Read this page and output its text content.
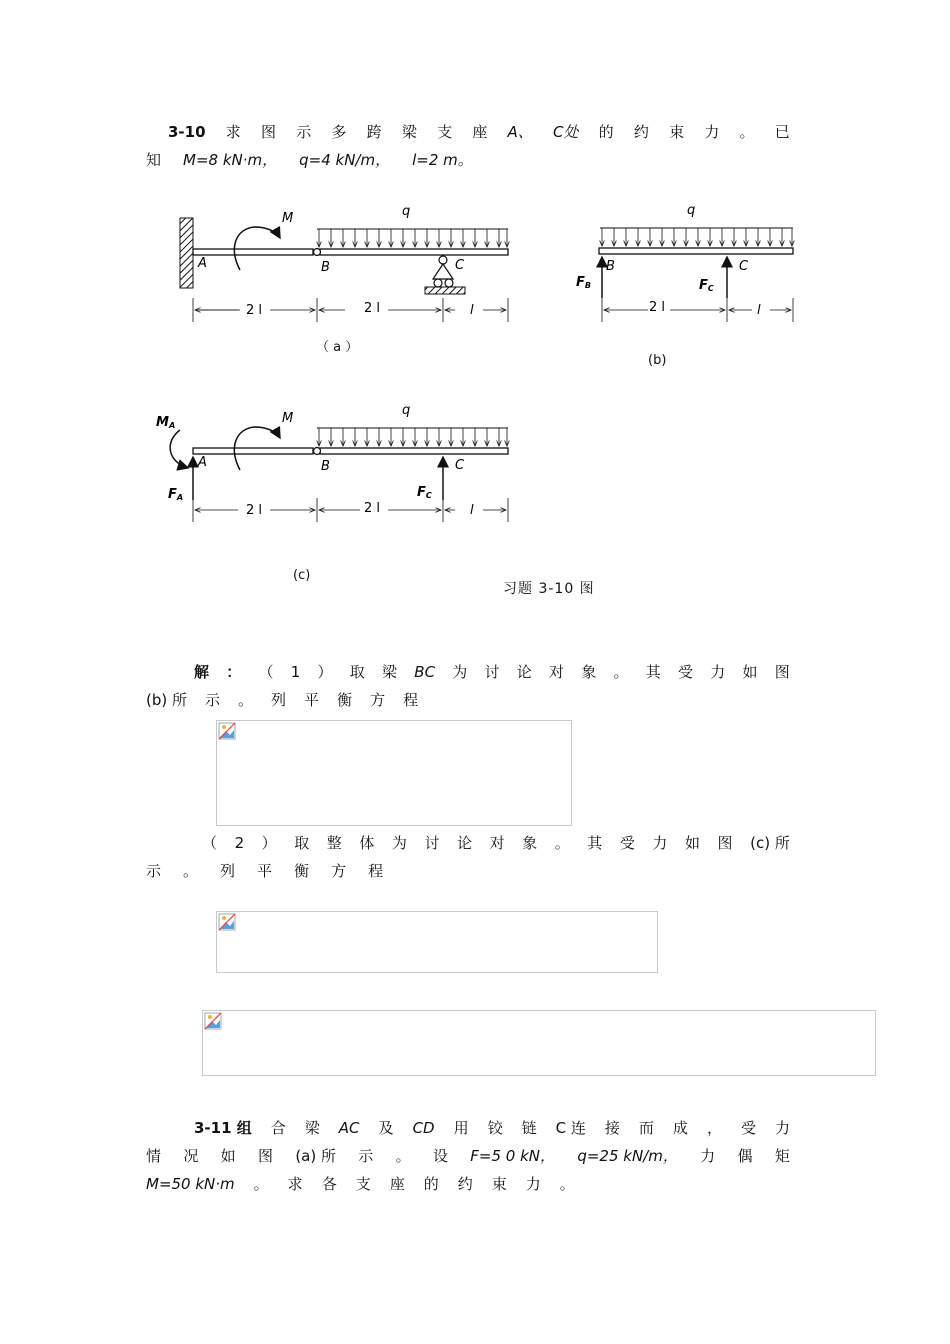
3-10 求 图 示 多 跨 梁 支 座 A、 C处 的 约 束 力 。 已
知 M=8 kN·m， q=4 kN/m， l=2 m。
q
M
A	B	C
2 l	2 l	l
（ a ）
q
B	C
FB	FC
2 l	l
(b)
q
M
MA
FA	FC
A	B	C
2 l	2 l	l
(c)
习题 3-10 图
解 ： （ 1 ） 取 梁 BC 为 讨 论 对 象 。 其 受 力 如 图
(b) 所 示 。 列 平 衡 方 程
（ 2 ） 取 整 体 为 讨 论 对 象 。 其 受 力 如 图 (c) 所
示 。 列 平 衡 方 程
3-11 组 合 梁 AC 及 CD 用 铰 链 C 连 接 而 成 ， 受 力
情 况 如 图 (a) 所 示 。 设 F=5 0 kN， q=25 kN/m， 力 偶 矩
M=50 kN·m 。 求 各 支 座 的 约 束 力 。
